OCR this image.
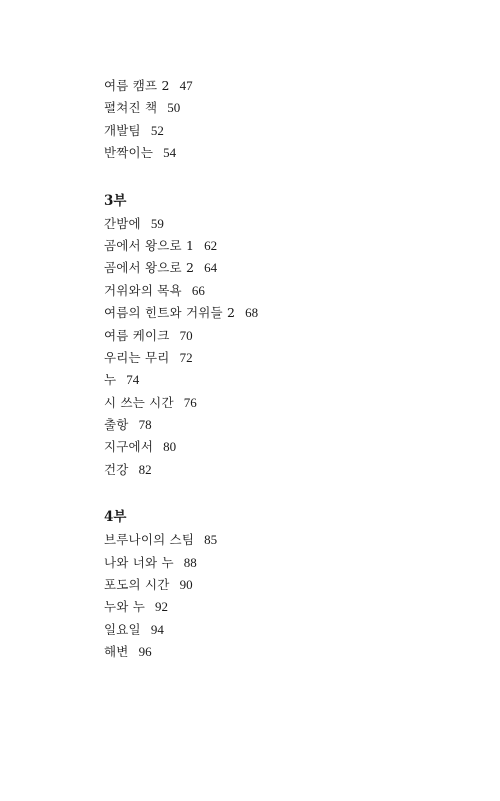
여름 캠프 2 47
펼쳐진 책 50
개발팀 52
반짝이는 54
3부
간밤에 59
곰에서 왕으로 1 62
곰에서 왕으로 2 64
거위와의 목욕 66
여름의 힌트와 거위들 2 68
여름 케이크 70
우리는 무리 72
누 74
시 쓰는 시간 76
출항 78
지구에서 80
건강 82
4부
브루나이의 스팀 85
나와 너와 누 88
포도의 시간 90
누와 누 92
일요일 94
해변 96
